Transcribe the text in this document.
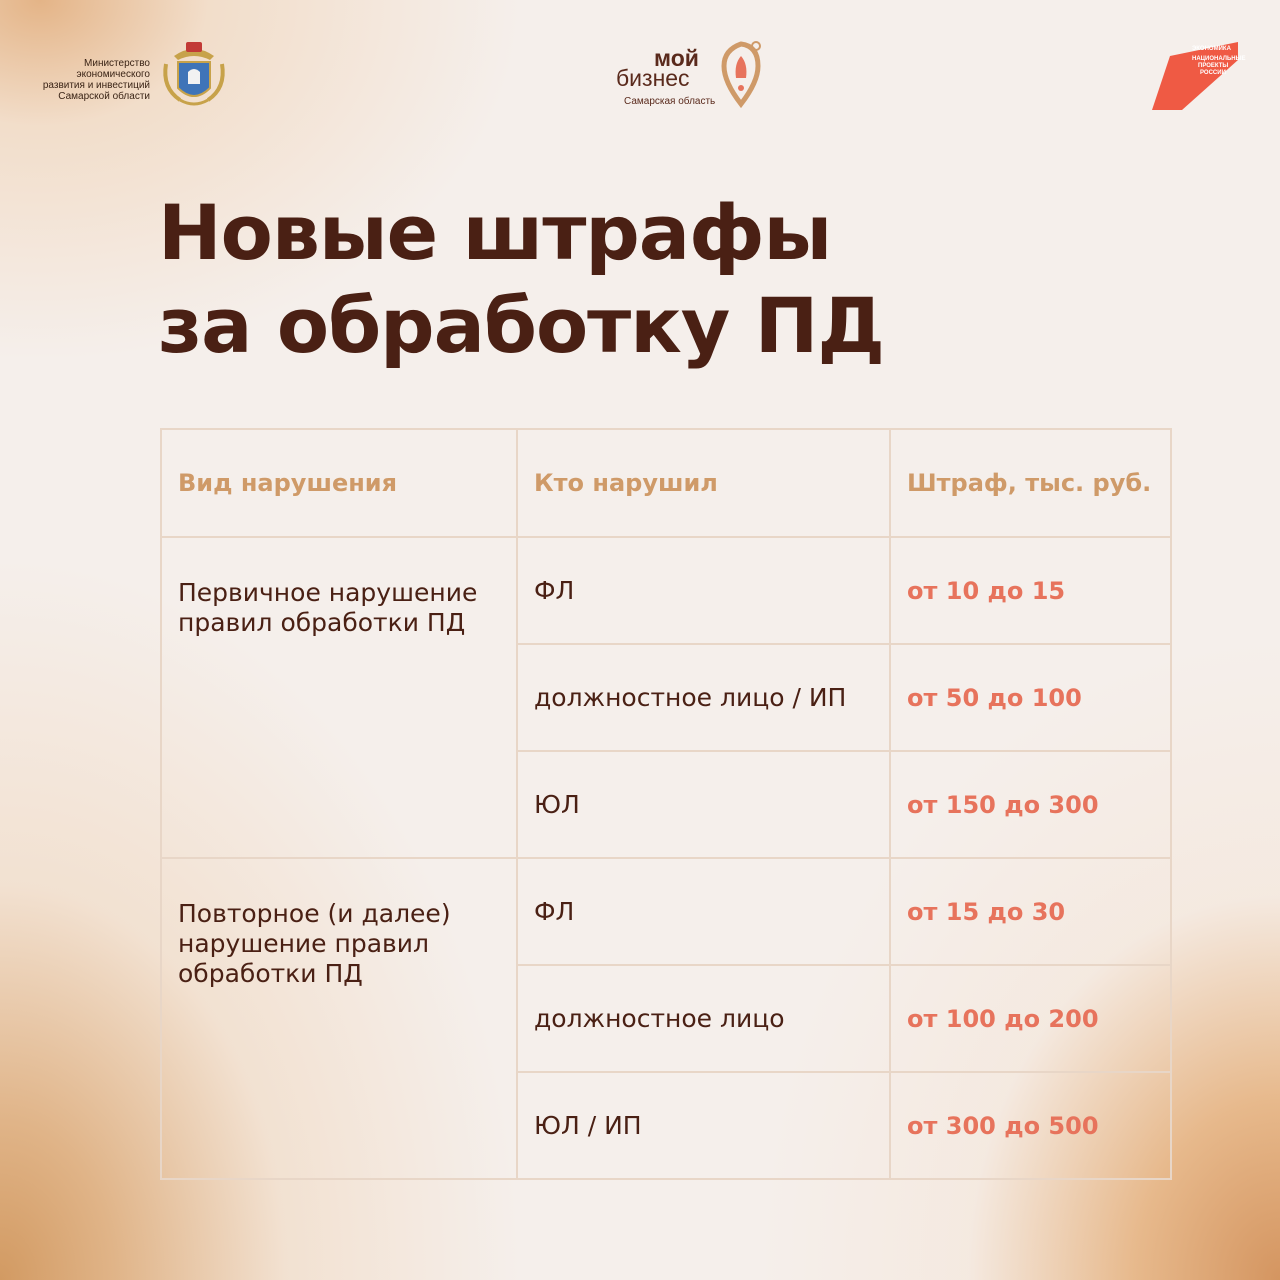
Министерство
экономического
развития и инвестиций
Самарской области
мой
бизнес
Самарская область
ЭКОНОМИКА
НАЦИОНАЛЬНЫЕ
ПРОЕКТЫ
РОССИИ
Новые штрафы
за обработку ПД
Вид нарушения	Кто нарушил	Штраф, тыс. руб.
Первичное нарушение правил обработки ПД	ФЛ	от 10 до 15
	должностное лицо / ИП	от 50 до 100
	ЮЛ	от 150 до 300
Повторное (и далее) нарушение правил обработки ПД	ФЛ	от 15 до 30
	должностное лицо	от 100 до 200
	ЮЛ / ИП	от 300 до 500
